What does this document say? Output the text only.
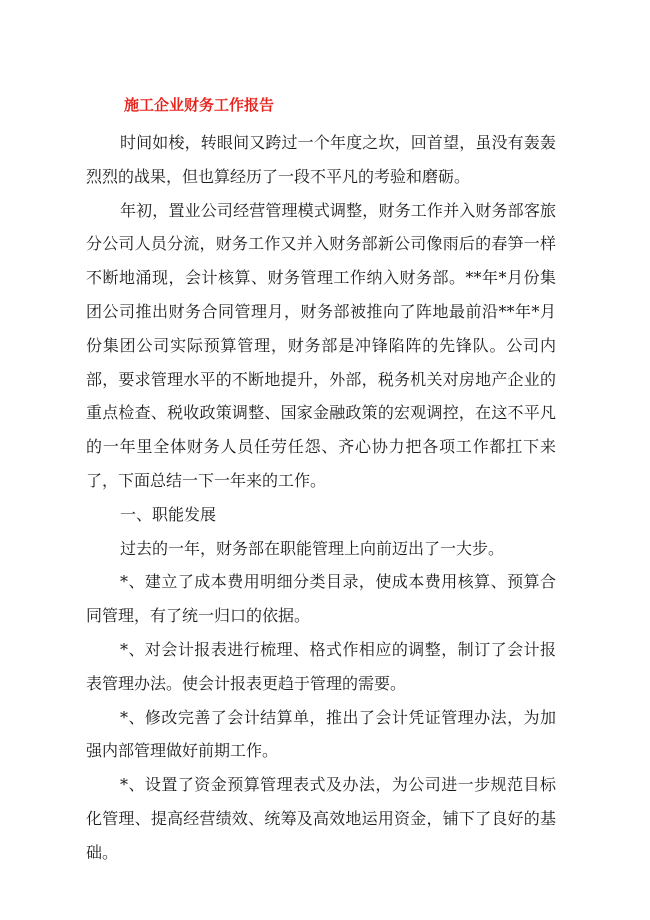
施工企业财务工作报告

时间如梭，转眼间又跨过一个年度之坎，回首望，虽没有轰轰烈烈的战果，但也算经历了一段不平凡的考验和磨砺。

年初，置业公司经营管理模式调整，财务工作并入财务部客旅分公司人员分流，财务工作又并入财务部新公司像雨后的春笋一样不断地涌现，会计核算、财务管理工作纳入财务部。**年*月份集团公司推出财务合同管理月，财务部被推向了阵地最前沿**年*月份集团公司实际预算管理，财务部是冲锋陷阵的先锋队。公司内部，要求管理水平的不断地提升，外部，税务机关对房地产企业的重点检查、税收政策调整、国家金融政策的宏观调控，在这不平凡的一年里全体财务人员任劳任怨、齐心协力把各项工作都扛下来了，下面总结一下一年来的工作。

一、职能发展

过去的一年，财务部在职能管理上向前迈出了一大步。

*、建立了成本费用明细分类目录，使成本费用核算、预算合同管理，有了统一归口的依据。

*、对会计报表进行梳理、格式作相应的调整，制订了会计报表管理办法。使会计报表更趋于管理的需要。

*、修改完善了会计结算单，推出了会计凭证管理办法，为加强内部管理做好前期工作。

*、设置了资金预算管理表式及办法，为公司进一步规范目标化管理、提高经营绩效、统筹及高效地运用资金，铺下了良好的基础。
